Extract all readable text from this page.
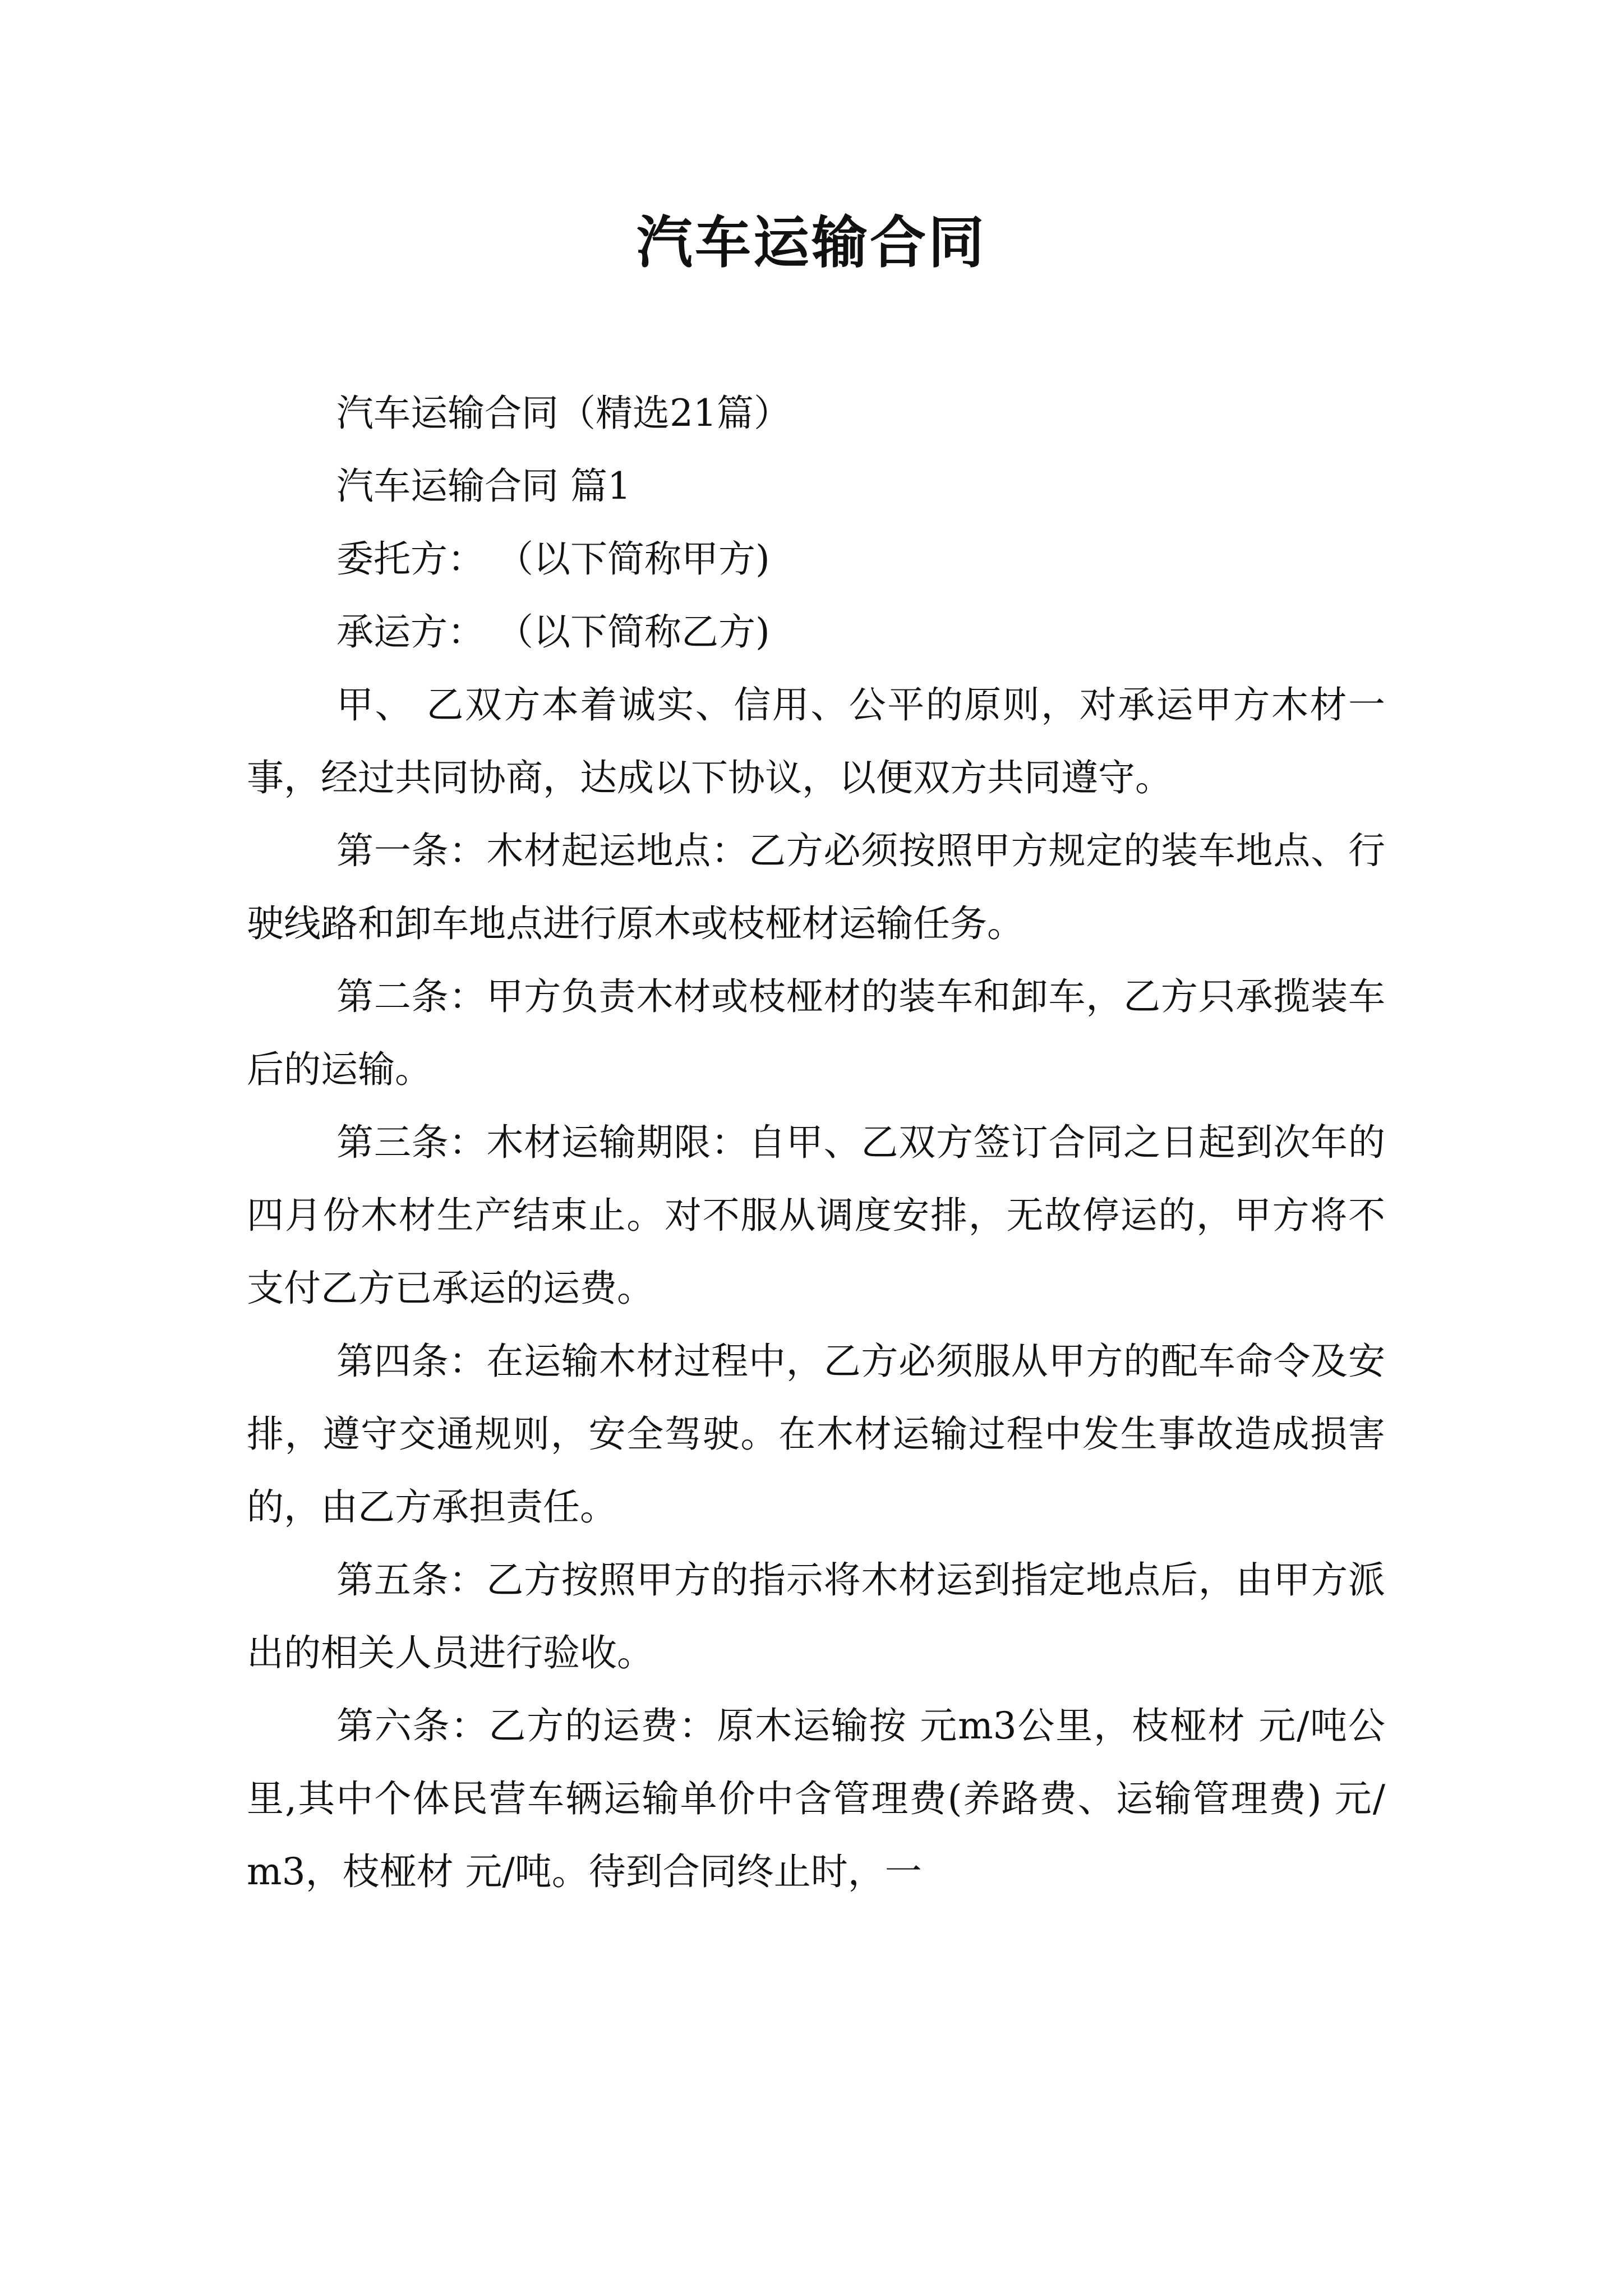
汽车运输合同

汽车运输合同（精选21篇）

汽车运输合同 篇1

委托方： （以下简称甲方)

承运方： （以下简称乙方)

甲、 乙双方本着诚实、信用、公平的原则，对承运甲方木材一事，经过共同协商，达成以下协议，以便双方共同遵守。

第一条：木材起运地点：乙方必须按照甲方规定的装车地点、行驶线路和卸车地点进行原木或枝桠材运输任务。

第二条：甲方负责木材或枝桠材的装车和卸车，乙方只承揽装车后的运输。

第三条：木材运输期限：自甲、乙双方签订合同之日起到次年的四月份木材生产结束止。对不服从调度安排，无故停运的，甲方将不支付乙方已承运的运费。

第四条：在运输木材过程中，乙方必须服从甲方的配车命令及安排，遵守交通规则，安全驾驶。在木材运输过程中发生事故造成损害的，由乙方承担责任。

第五条：乙方按照甲方的指示将木材运到指定地点后，由甲方派出的相关人员进行验收。

第六条：乙方的运费：原木运输按 元m3公里，枝桠材 元/吨公里,其中个体民营车辆运输单价中含管理费(养路费、运输管理费) 元/ m3，枝桠材 元/吨。待到合同终止时，一
